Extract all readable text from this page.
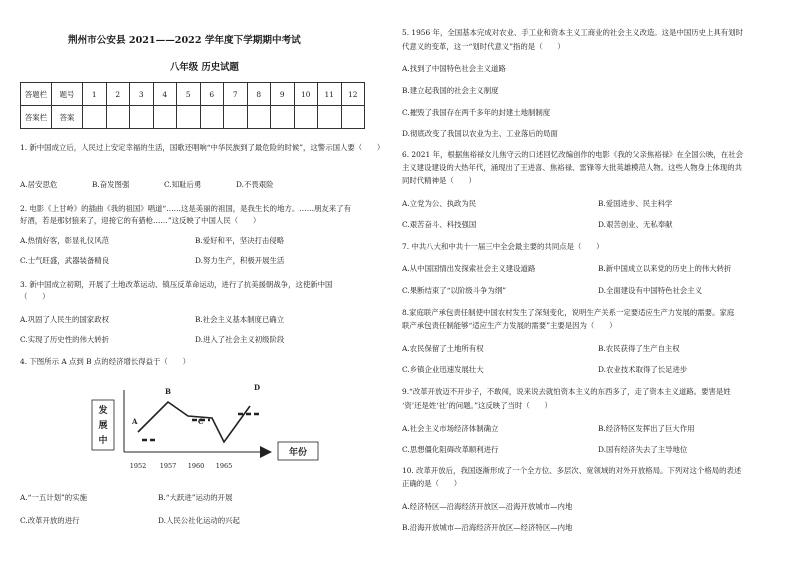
荆州市公安县 2021——2022 学年度下学期期中考试
八年级 历史试题
答题栏	题号	1	2	3	4	5	6	7	8	9	10	11	12
答案栏	答案												
1. 新中国成立后，人民过上安定幸福的生活，国歌还唱响“中华民族到了最危险的时候”，这警示国人要（　　）
A.居安思危	B.奋发图强	C.知耻后勇	D.不畏艰险
2. 电影《上甘岭》的插曲《我的祖国》唱道“……这是美丽的祖国，是我生长的地方。……朋友来了有
好酒，若是那豺狼来了，迎接它的有猎枪……”这反映了中国人民（　　）
A.热情好客，彰显礼仪风范	B.爱好和平，坚决打击侵略
C.士气旺盛，武器装备精良	D.努力生产，积极开展生活
3. 新中国成立初期，开展了土地改革运动、镇压反革命运动，进行了抗美援朝战争，这使新中国
（　　）
A.巩固了人民生的国家政权	B.社会主义基本制度已确立
C.实现了历史性的伟大转折	D.进入了社会主义初级阶段
4. 下图所示 A 点到 B 点的经济增长得益于（　　）
发
展
中
年份
A
B
C
D
1952 1957 1960 1965
A.“一五计划”的实施	B.“大跃进”运动的开展
C.改革开放的进行	D.人民公社化运动的兴起
5. 1956 年，全国基本完成对农业、手工业和资本主义工商业的社会主义改造。这是中国历史上具有划时
代意义的变革，这一“划时代意义”指的是（　　）
A.找到了中国特色社会主义道路
B.建立起我国的社会主义制度
C.摧毁了我国存在两千多年的封建土地制制度
D.彻底改变了我国以农业为主、工业落后的局面
6. 2021 年，根据焦裕禄女儿焦守云的口述回忆改编创作的电影《我的父亲焦裕禄》在全国公映，在社会
主义建设建设的大热年代，涌现出了王进喜、焦裕禄、雷锋等大批英雄模范人物。这些人物身上体现的共
同时代精神是（　　）
A.立党为公、执政为民	B.爱国进步、民主科学
C.艰苦奋斗、科技强国	D.艰苦创业、无私奉献
7. 中共八大和中共十一届三中全会最主要的共同点是（　　）
A.从中国国情出发探索社会主义建设道路	B.新中国成立以来党的历史上的伟大转折
C.果断结束了“以阶级斗争为纲”	D.全面建设有中国特色社会主义
8.家庭联产承包责任制使中国农村发生了深刻变化，说明生产关系一定要适应生产力发展的需要。家庭
联产承包责任制能够“适应生产力发展的需要”主要是因为（　　）
A.农民保留了土地所有权	B.农民获得了生产自主权
C.乡镇企业迅速发展壮大	D.农业技术取得了长足进步
9.“改革开放迈不开步子，不敢闯，说来说去就怕资本主义的东西多了，走了资本主义道路。要害是姓
‘资’还是姓‘社’的问题。”这反映了当时（　　）
A.社会主义市场经济体制确立	B.经济特区发挥出了巨大作用
C.思想僵化阻碍改革顺利进行	D.国有经济失去了主导地位
10. 改革开放后，我国逐渐形成了一个全方位、多层次、宽领域的对外开放格局。下列对这个格局的表述
正确的是（　　）
A.经济特区—沿海经济开放区—沿海开放城市—内地
B.沿海开放城市—沿海经济开放区—经济特区—内地
